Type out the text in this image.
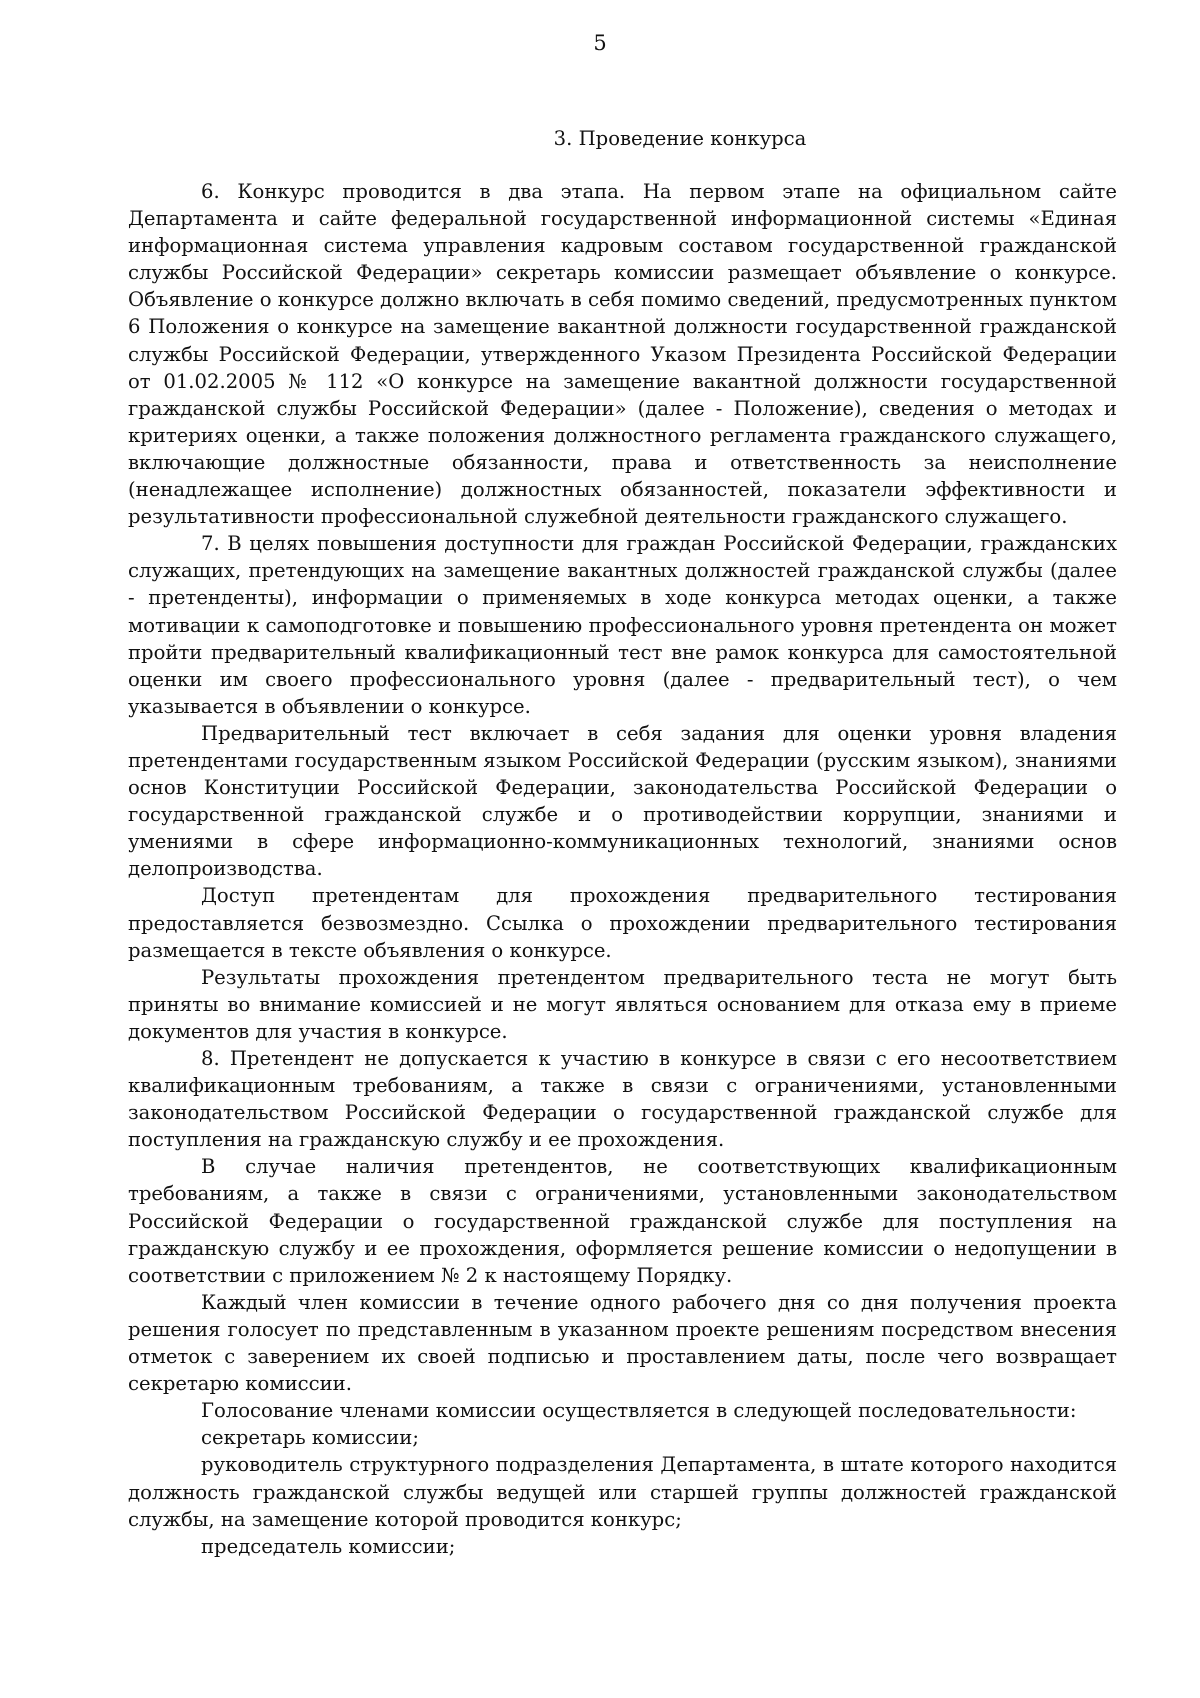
5
3. Проведение конкурса

6. Конкурс проводится в два этапа. На первом этапе на официальном сайте Департамента и сайте федеральной государственной информационной системы «Единая информационная система управления кадровым составом государственной гражданской службы Российской Федерации» секретарь комиссии размещает объявление о конкурсе. Объявление о конкурсе должно включать в себя помимо сведений, предусмотренных пунктом 6 Положения о конкурсе на замещение вакантной должности государственной гражданской службы Российской Федерации, утвержденного Указом Президента Российской Федерации от 01.02.2005 № 112 «О конкурсе на замещение вакантной должности государственной гражданской службы Российской Федерации» (далее - Положение), сведения о методах и критериях оценки, а также положения должностного регламента гражданского служащего, включающие должностные обязанности, права и ответственность за неисполнение (ненадлежащее исполнение) должностных обязанностей, показатели эффективности и результативности профессиональной служебной деятельности гражданского служащего.

7. В целях повышения доступности для граждан Российской Федерации, гражданских служащих, претендующих на замещение вакантных должностей гражданской службы (далее - претенденты), информации о применяемых в ходе конкурса методах оценки, а также мотивации к самоподготовке и повышению профессионального уровня претендента он может пройти предварительный квалификационный тест вне рамок конкурса для самостоятельной оценки им своего профессионального уровня (далее - предварительный тест), о чем указывается в объявлении о конкурсе.

Предварительный тест включает в себя задания для оценки уровня владения претендентами государственным языком Российской Федерации (русским языком), знаниями основ Конституции Российской Федерации, законодательства Российской Федерации о государственной гражданской службе и о противодействии коррупции, знаниями и умениями в сфере информационно-коммуникационных технологий, знаниями основ делопроизводства.

Доступ претендентам для прохождения предварительного тестирования предоставляется безвозмездно. Ссылка о прохождении предварительного тестирования размещается в тексте объявления о конкурсе.

Результаты прохождения претендентом предварительного теста не могут быть приняты во внимание комиссией и не могут являться основанием для отказа ему в приеме документов для участия в конкурсе.

8. Претендент не допускается к участию в конкурсе в связи с его несоответствием квалификационным требованиям, а также в связи с ограничениями, установленными законодательством Российской Федерации о государственной гражданской службе для поступления на гражданскую службу и ее прохождения.

В случае наличия претендентов, не соответствующих квалификационным требованиям, а также в связи с ограничениями, установленными законодательством Российской Федерации о государственной гражданской службе для поступления на гражданскую службу и ее прохождения, оформляется решение комиссии о недопущении в соответствии с приложением № 2 к настоящему Порядку.

Каждый член комиссии в течение одного рабочего дня со дня получения проекта решения голосует по представленным в указанном проекте решениям посредством внесения отметок с заверением их своей подписью и проставлением даты, после чего возвращает секретарю комиссии.

Голосование членами комиссии осуществляется в следующей последовательности:

секретарь комиссии;

руководитель структурного подразделения Департамента, в штате которого находится должность гражданской службы ведущей или старшей группы должностей гражданской службы, на замещение которой проводится конкурс;

председатель комиссии;
